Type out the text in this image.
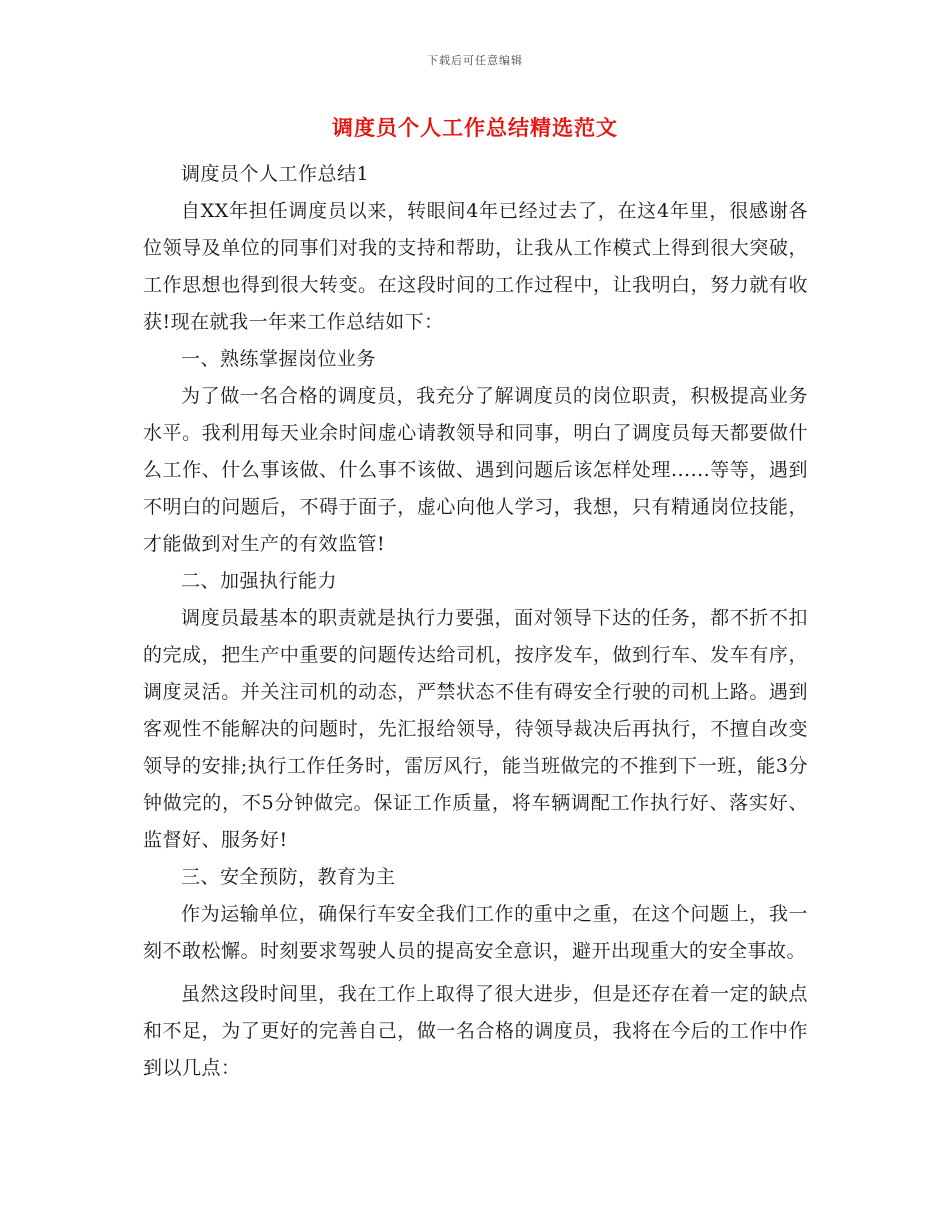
下载后可任意编辑
调度员个人工作总结精选范文

调度员个人工作总结1

自XX年担任调度员以来，转眼间4年已经过去了，在这4年里，很感谢各位领导及单位的同事们对我的支持和帮助，让我从工作模式上得到很大突破，工作思想也得到很大转变。在这段时间的工作过程中，让我明白，努力就有收获!现在就我一年来工作总结如下：

一、熟练掌握岗位业务

为了做一名合格的调度员，我充分了解调度员的岗位职责，积极提高业务水平。我利用每天业余时间虚心请教领导和同事，明白了调度员每天都要做什么工作、什么事该做、什么事不该做、遇到问题后该怎样处理......等等，遇到不明白的问题后，不碍于面子，虚心向他人学习，我想，只有精通岗位技能，才能做到对生产的有效监管!

二、加强执行能力

调度员最基本的职责就是执行力要强，面对领导下达的任务，都不折不扣的完成，把生产中重要的问题传达给司机，按序发车，做到行车、发车有序，调度灵活。并关注司机的动态，严禁状态不佳有碍安全行驶的司机上路。遇到客观性不能解决的问题时，先汇报给领导，待领导裁决后再执行，不擅自改变领导的安排;执行工作任务时，雷厉风行，能当班做完的不推到下一班，能3分钟做完的，不5分钟做完。保证工作质量，将车辆调配工作执行好、落实好、监督好、服务好!

三、安全预防，教育为主

作为运输单位，确保行车安全我们工作的重中之重，在这个问题上，我一刻不敢松懈。时刻要求驾驶人员的提高安全意识，避开出现重大的安全事故。

虽然这段时间里，我在工作上取得了很大进步，但是还存在着一定的缺点和不足，为了更好的完善自己，做一名合格的调度员，我将在今后的工作中作到以几点：
